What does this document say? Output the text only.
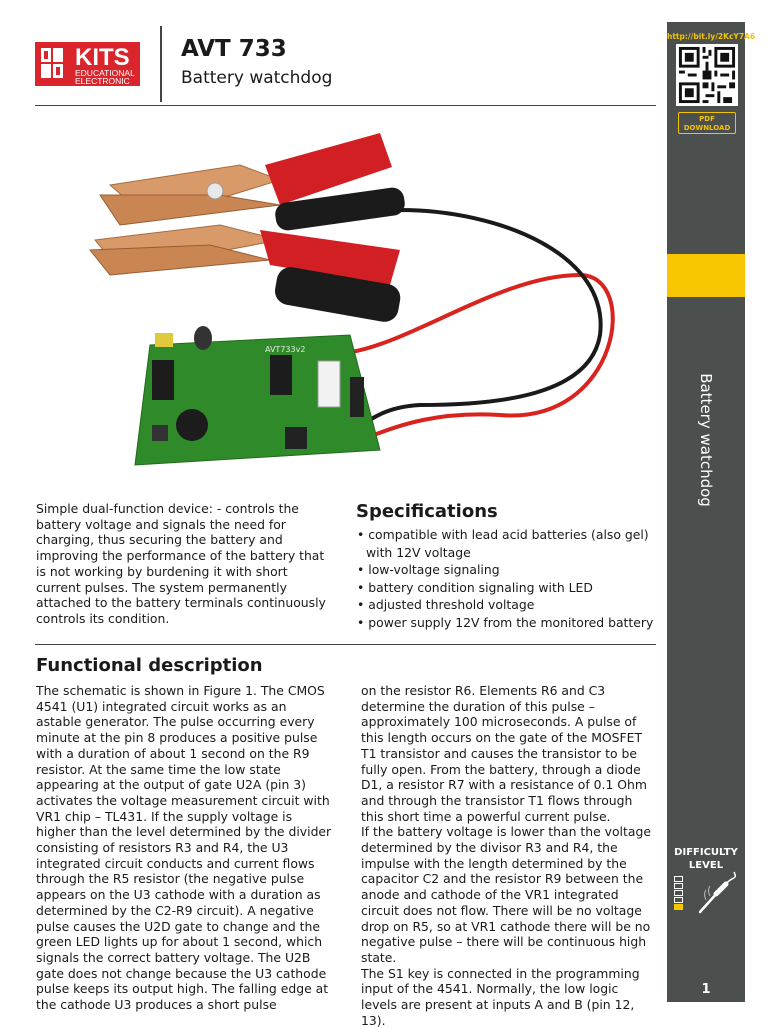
KITS
EDUCATIONAL
ELECTRONIC
AVT 733
Battery watchdog
http://bit.ly/2KcY7A6
PDF
DOWNLOAD
Battery watchdog
DIFFICULTY
LEVEL
1
AVT733v2
Simple dual-function device: - controls the battery voltage and signals the need for charging, thus securing the battery and improving the performance of the battery that is not working by burdening it with short current pulses. The system permanently attached to the battery terminals continuously controls its condition.
Specifications
• compatible with lead acid batteries (also gel) with 12V voltage
• low-voltage signaling
• battery condition signaling with LED
• adjusted threshold voltage
• power supply 12V from the monitored battery
Functional description
The schematic is shown in Figure 1. The CMOS 4541 (U1) integrated circuit works as an astable generator. The pulse occurring every minute at the pin 8 produces a positive pulse with a duration of about 1 second on the R9 resistor. At the same time the low state appearing at the output of gate U2A (pin 3) activates the voltage measurement circuit with VR1 chip – TL431. If the supply voltage is higher than the level determined by the divider consisting of resistors R3 and R4, the U3 integrated circuit conducts and current flows through the R5 resistor (the negative pulse appears on the U3 cathode with a duration as determined by the C2-R9 circuit). A negative pulse causes the U2D gate to change and the green LED lights up for about 1 second, which signals the correct battery voltage. The U2B gate does not change because the U3 cathode pulse keeps its output high. The falling edge at the cathode U3 produces a short pulse

on the resistor R6. Elements R6 and C3 determine the duration of this pulse – approximately 100 microseconds. A pulse of this length occurs on the gate of the MOSFET T1 transistor and causes the transistor to be fully open. From the battery, through a diode D1, a resistor R7 with a resistance of 0.1 Ohm and through the transistor T1 flows through this short time a powerful current pulse.

If the battery voltage is lower than the voltage determined by the divisor R3 and R4, the impulse with the length determined by the capacitor C2 and the resistor R9 between the anode and cathode of the VR1 integrated circuit does not flow. There will be no voltage drop on R5, so at VR1 cathode there will be no negative pulse – there will be continuous high state.

The S1 key is connected in the programming input of the 4541. Normally, the low logic levels are present at inputs A and B (pin 12, 13).
